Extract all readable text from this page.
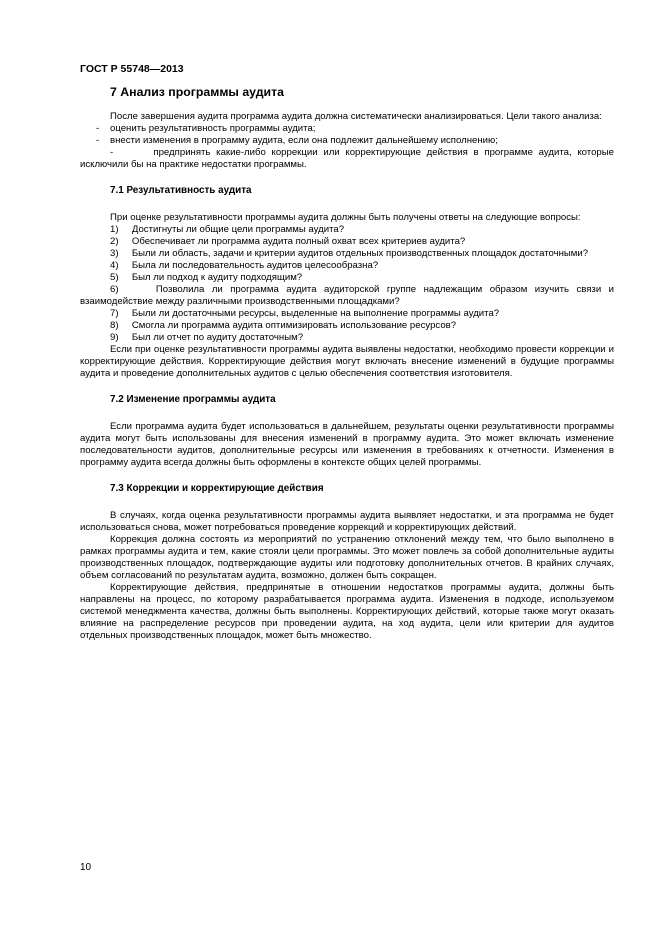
ГОСТ Р 55748—2013
7 Анализ программы аудита

После завершения аудита программа аудита должна систематически анализироваться. Цели такого анализа:

-	оценить результативность программы аудита;
-	внести изменения в программу аудита, если она подлежит дальнейшему исполнению;

-       предпринять какие-либо коррекции или корректирующие действия в программе аудита, которые исключили бы на практике недостатки программы.

7.1 Результативность аудита

При оценке результативности программы аудита должны быть получены ответы на следующие вопросы:

1)     Достигнуты ли общие цели программы аудита?

2)     Обеспечивает ли программа аудита полный охват всех критериев аудита?

3)     Были ли область, задачи и критерии аудитов отдельных производственных площадок достаточными?

4)     Была ли последовательность аудитов целесообразна?

5)     Был ли подход к аудиту подходящим?

6)     Позволила ли программа аудита аудиторской группе надлежащим образом изучить связи и взаимодействие между различными производственными площадками?

7)     Были ли достаточными ресурсы, выделенные на выполнение программы аудита?

8)     Смогла ли программа аудита оптимизировать использование ресурсов?

9)     Был ли отчет по аудиту достаточным?

Если при оценке результативности программы аудита выявлены недостатки, необходимо провести коррекции и корректирующие действия. Корректирующие действия могут включать внесение изменений в будущие программы аудита и проведение дополнительных аудитов с целью обеспечения соответствия изготовителя.

7.2 Изменение программы аудита

Если программа аудита будет использоваться в дальнейшем, результаты оценки результативности программы аудита могут быть использованы для внесения изменений в программу аудита. Это может включать изменение последовательности аудитов, дополнительные ресурсы или изменения в требованиях к отчетности. Изменения в программу аудита всегда должны быть оформлены в контексте общих целей программы.

7.3 Коррекции и корректирующие действия

В случаях, когда оценка результативности программы аудита выявляет недостатки, и эта программа не будет использоваться снова, может потребоваться проведение коррекций и корректирующих действий.

Коррекция должна состоять из мероприятий по устранению отклонений между тем, что было выполнено в рамках программы аудита и тем, какие стояли цели программы. Это может повлечь за собой дополнительные аудиты производственных площадок, подтверждающие аудиты или подготовку дополнительных отчетов. В крайних случаях, объем согласований по результатам аудита, возможно, должен быть сокращен.

Корректирующие действия, предпринятые в отношении недостатков программы аудита, должны быть направлены на процесс, по которому разрабатывается программа аудита. Изменения в подходе, используемом системой менеджмента качества, должны быть выполнены. Корректирующих действий, которые также могут оказать влияние на распределение ресурсов при проведении аудита, на ход аудита, цели или критерии для аудитов отдельных производственных площадок, может быть множество.

10
